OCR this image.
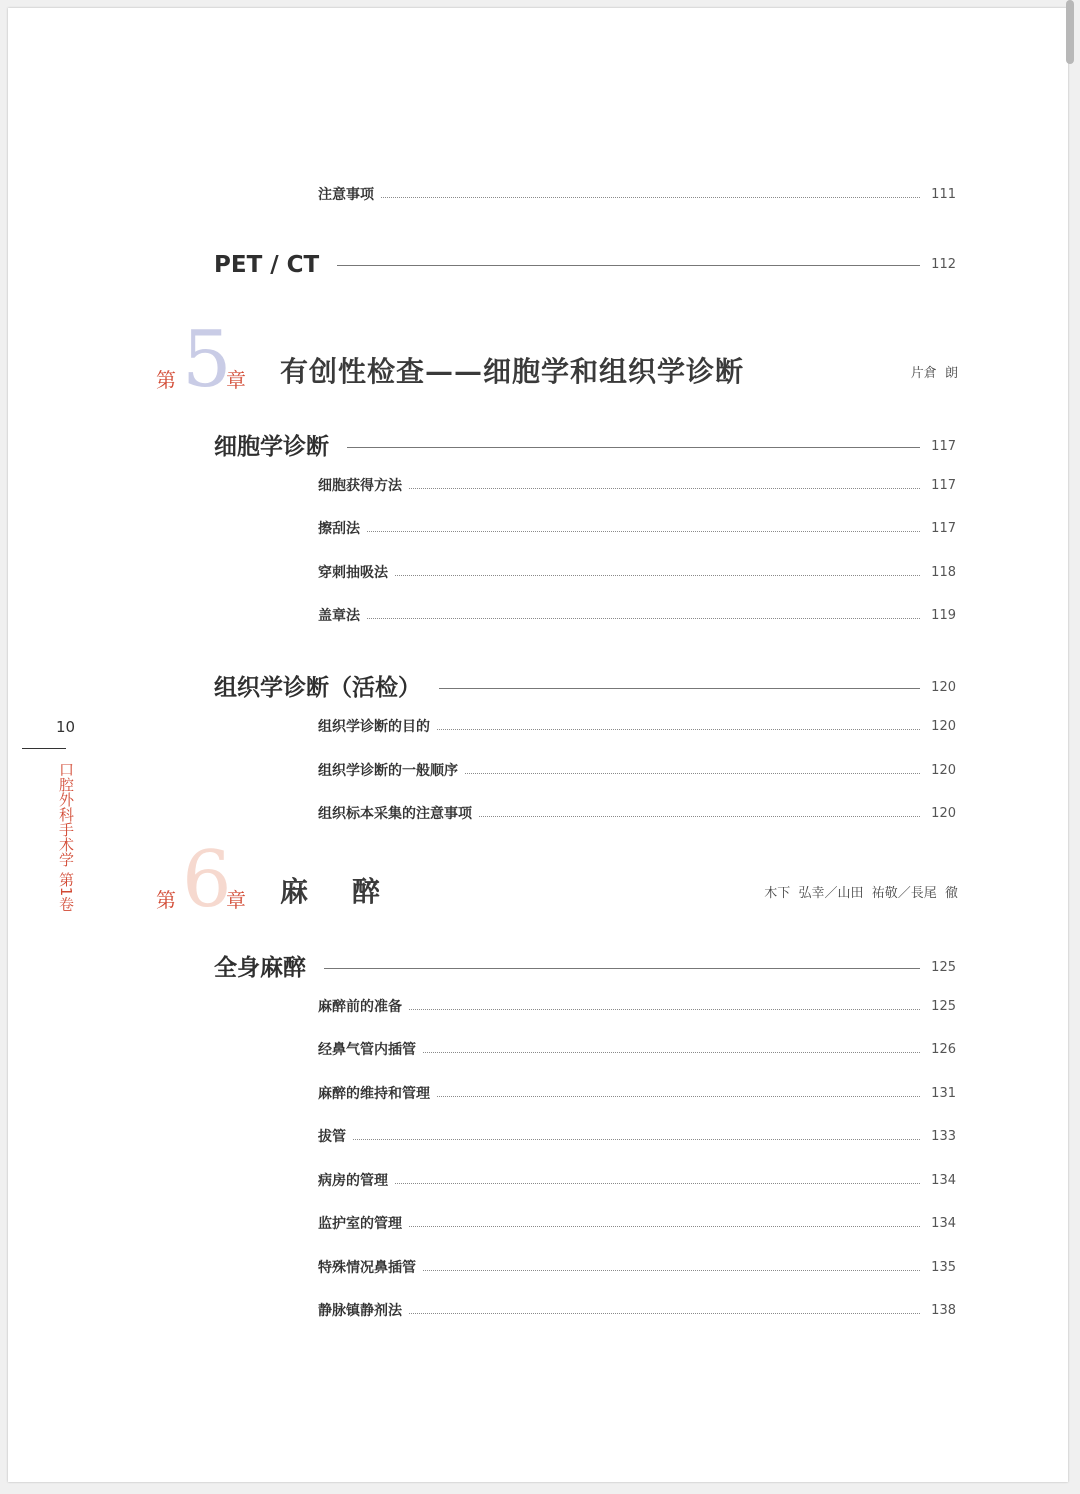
注意事项	111
PET / CT	112
第 5
章 有创性检查——细胞学和组织学诊断	片倉  朗
细胞学诊断	117
细胞获得方法	117
擦刮法	117
穿刺抽吸法	118
盖章法	119
组织学诊断（活检）	120
组织学诊断的目的	120
组织学诊断的一般顺序	120
组织标本采集的注意事项	120
第 6
章 麻    醉	木下  弘幸／山田  祐敬／長尾  徹
全身麻醉	125
麻醉前的准备	125
经鼻气管内插管	126
麻醉的维持和管理	131
拔管	133
病房的管理	134
监护室的管理	134
特殊情况鼻插管	135
静脉镇静剂法	138
10
口腔外科手术学 第1卷
